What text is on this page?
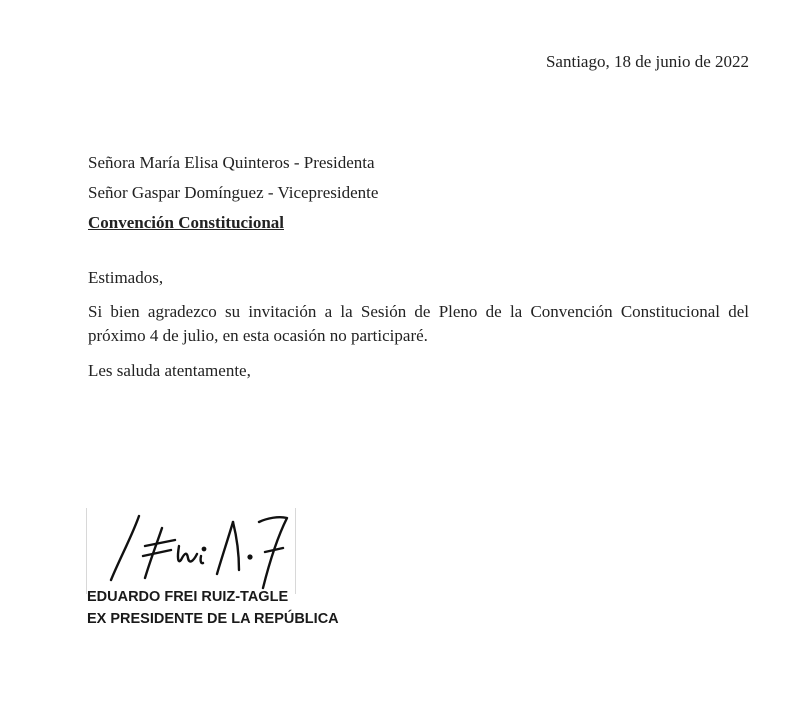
Santiago, 18 de junio de 2022
Señora María Elisa Quinteros - Presidenta
Señor Gaspar Domínguez - Vicepresidente
Convención Constitucional
Estimados,
Si bien agradezco su invitación a la Sesión de Pleno de la Convención Constitucional del próximo 4 de julio, en esta ocasión no participaré.
Les saluda atentamente,
EDUARDO FREI RUIZ-TAGLE
EX PRESIDENTE DE LA REPÚBLICA
